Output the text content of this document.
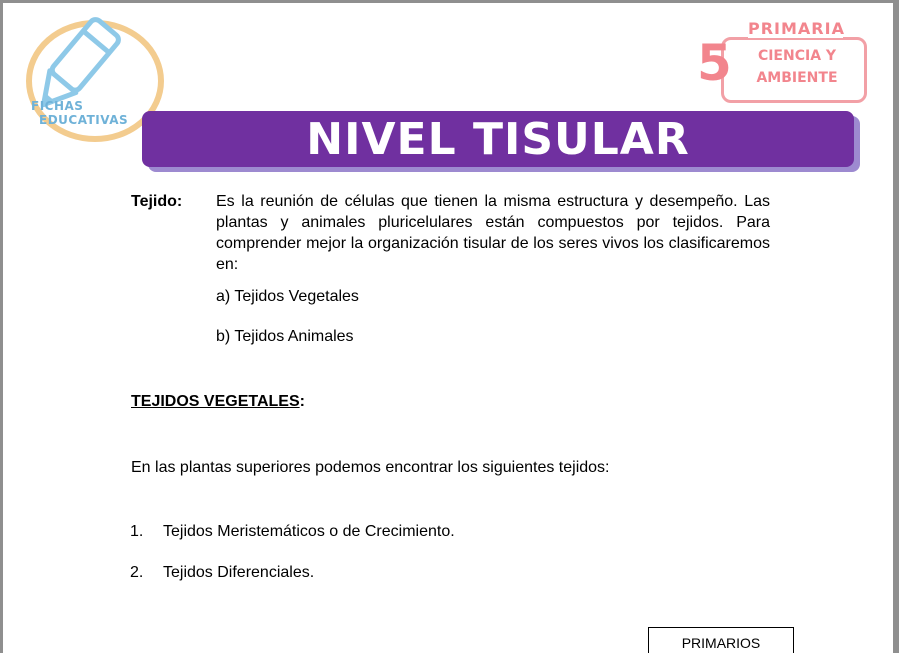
FICHAS
EDUCATIVAS
5
PRIMARIA
CIENCIA Y
AMBIENTE
NIVEL TISULAR
Tejido: Es la reunión de células que tienen la misma estructura y desempeño. Las plantas y animales pluricelulares están compuestos por tejidos. Para comprender mejor la organización tisular de los seres vivos los clasificaremos en:
a) Tejidos Vegetales
b) Tejidos Animales
TEJIDOS VEGETALES:
En las plantas superiores podemos encontrar los siguientes tejidos:
1. Tejidos Meristemáticos o de Crecimiento.
2. Tejidos Diferenciales.
PRIMARIOS
